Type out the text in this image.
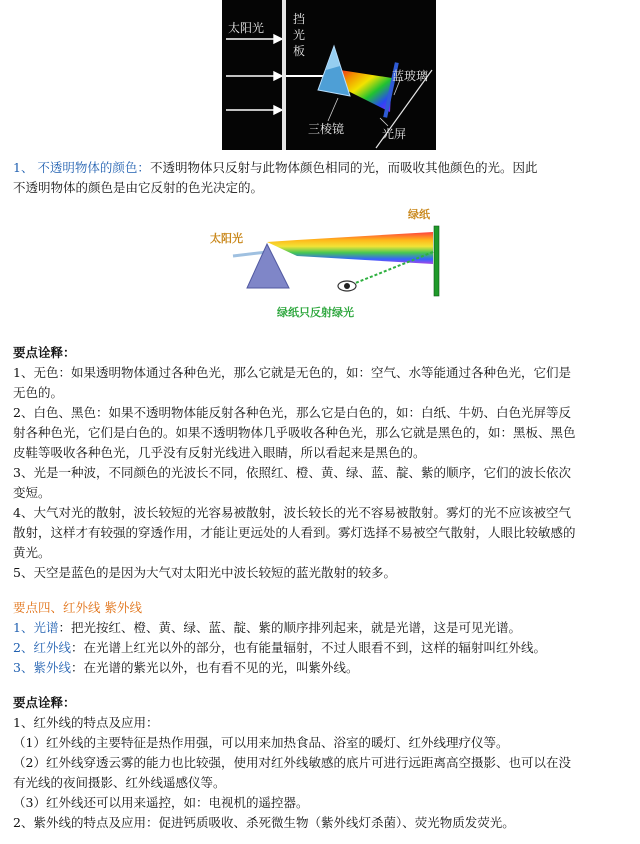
太阳光
挡
光
板
蓝玻璃
三棱镜	光屏
1、 不透明物体的颜色：不透明物体只反射与此物体颜色相同的光，而吸收其他颜色的光。因此
不透明物体的颜色是由它反射的色光决定的。
绿纸
太阳光
绿纸只反射绿光
要点诠释：
1、无色：如果透明物体通过各种色光，那么它就是无色的，如：空气、水等能通过各种色光，它们是
无色的。
2、白色、黑色：如果不透明物体能反射各种色光，那么它是白色的，如：白纸、牛奶、白色光屏等反
射各种色光，它们是白色的。如果不透明物体几乎吸收各种色光，那么它就是黑色的，如：黑板、黑色
皮鞋等吸收各种色光，几乎没有反射光线进入眼睛，所以看起来是黑色的。
3、光是一种波，不同颜色的光波长不同，依照红、橙、黄、绿、蓝、靛、紫的顺序，它们的波长依次
变短。
4、大气对光的散射，波长较短的光容易被散射，波长较长的光不容易被散射。雾灯的光不应该被空气
散射，这样才有较强的穿透作用，才能让更远处的人看到。雾灯选择不易被空气散射，人眼比较敏感的
黄光。
5、天空是蓝色的是因为大气对太阳光中波长较短的蓝光散射的较多。
要点四、红外线 紫外线
1、光谱：把光按红、橙、黄、绿、蓝、靛、紫的顺序排列起来，就是光谱，这是可见光谱。
2、红外线：在光谱上红光以外的部分，也有能量辐射，不过人眼看不到，这样的辐射叫红外线。
3、紫外线：在光谱的紫光以外，也有看不见的光，叫紫外线。
要点诠释：
1、红外线的特点及应用：
（1）红外线的主要特征是热作用强，可以用来加热食品、浴室的暖灯、红外线理疗仪等。
（2）红外线穿透云雾的能力也比较强，使用对红外线敏感的底片可进行远距离高空摄影、也可以在没
有光线的夜间摄影、红外线遥感仪等。
（3）红外线还可以用来遥控，如：电视机的遥控器。
2、紫外线的特点及应用：促进钙质吸收、杀死微生物（紫外线灯杀菌）、荧光物质发荧光。
